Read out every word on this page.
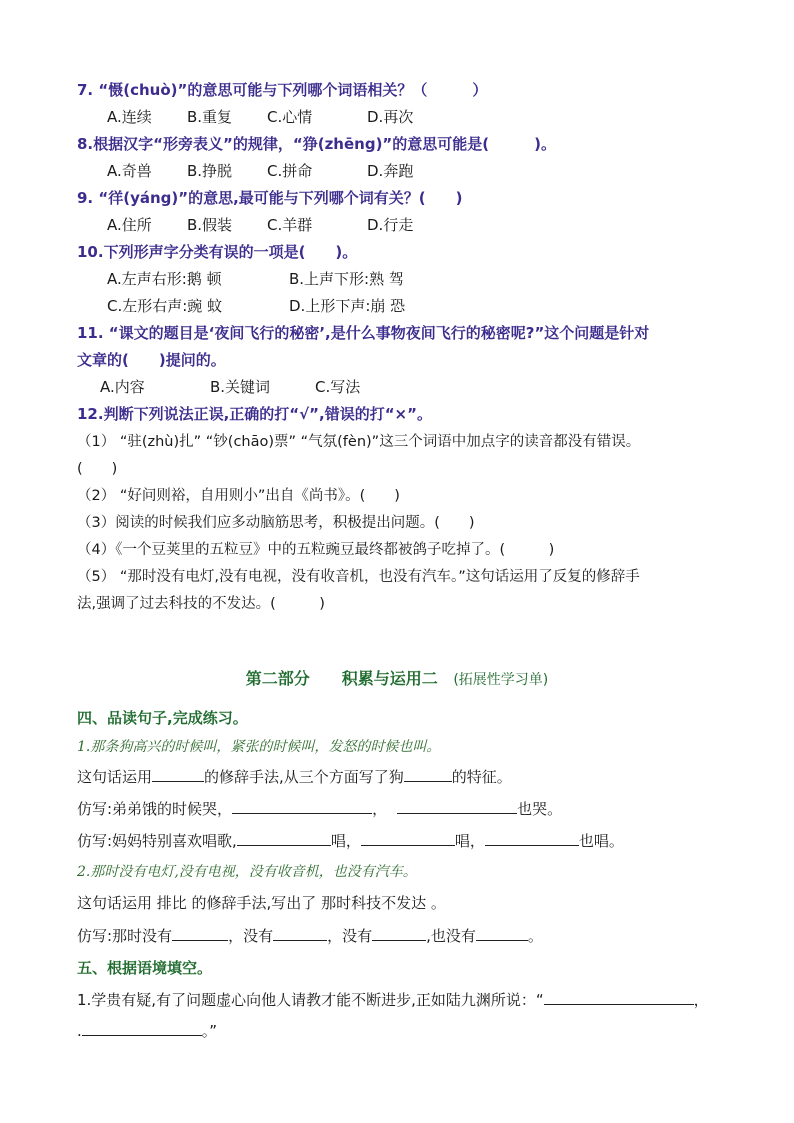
7. “慑(chuò)”的意思可能与下列哪个词语相关？（　　　）
A.连续 B.重复 C.心情	D.再次
8.根据汉字“形旁表义”的规律，“狰(zhēng)”的意思可能是(　　　)。
A.奇兽 B.挣脱 C.拼命	D.奔跑
9. “徉(yáng)”的意思,最可能与下列哪个词有关？(　　)
A.住所 B.假装 C.羊群	D.行走
10.下列形声字分类有误的一项是(　　)。
A.左声右形:鹅 顿	B.上声下形:熟 驾
C.左形右声:豌 蚊	D.上形下声:崩 恐
11. “课文的题目是‘夜间飞行的秘密’,是什么事物夜间飞行的秘密呢?”这个问题是针对
文章的(　　)提问的。
A.内容	B.关键词	C.写法
12.判断下列说法正误,正确的打“√”,错误的打“×”。
（1） “驻(zhù)扎” “钞(chāo)票” “气氛(fèn)”这三个词语中加点字的读音都没有错误。
(　　)
（2） “好问则裕，自用则小”出自《尚书》。(　　)
（3）阅读的时候我们应多动脑筋思考，积极提出问题。(　　)
（4）《一个豆荚里的五粒豆》中的五粒豌豆最终都被鸽子吃掉了。(　　　)
（5） “那时没有电灯,没有电视，没有收音机，也没有汽车。”这句话运用了反复的修辞手
法,强调了过去科技的不发达。(　　　)
第二部分　　积累与运用二 (拓展性学习单)
四、品读句子,完成练习。
1.那条狗高兴的时候叫，紧张的时候叫，发怒的时候也叫。
这句话运用	的修辞手法,从三个方面写了狗	的特征。
仿写:弟弟饿的时候哭，	，	也哭。
仿写:妈妈特别喜欢唱歌,	唱，	唱，	也唱。
2.那时没有电灯,没有电视，没有收音机，也没有汽车。
这句话运用 排比 的修辞手法,写出了 那时科技不发达 。
仿写:那时没有	，没有	，没有	,也没有	。
五、根据语境填空。
1.学贵有疑,有了问题虚心向他人请教才能不断进步,正如陆九渊所说：“	，
.	。”
